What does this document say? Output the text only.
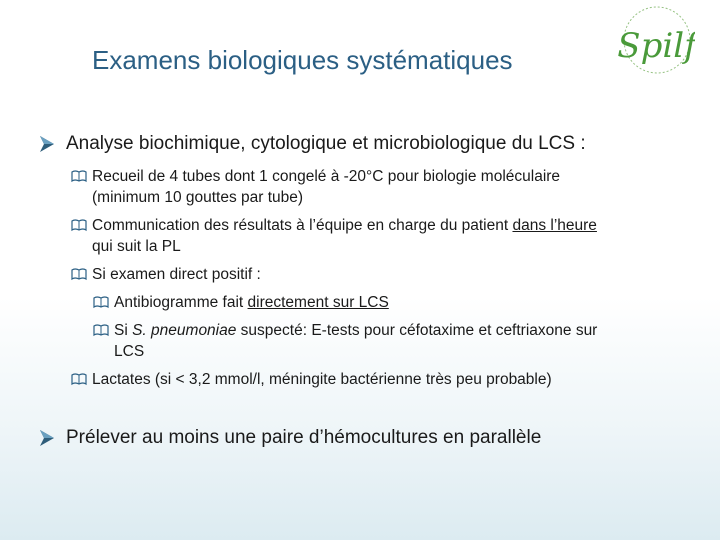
Examens biologiques systématiques	Spilf
Analyse biochimique, cytologique et microbiologique du LCS :
Recueil de 4 tubes dont 1 congelé à -20°C pour biologie moléculaire
(minimum 10 gouttes par tube)
Communication des résultats à l’équipe en charge du patient dans l’heure
qui suit la PL
Si examen direct positif :
Antibiogramme fait directement sur LCS
Si S. pneumoniae suspecté: E-tests pour céfotaxime et ceftriaxone sur
LCS
Lactates (si < 3,2 mmol/l, méningite bactérienne très peu probable)
Prélever au moins une paire d’hémocultures en parallèle
